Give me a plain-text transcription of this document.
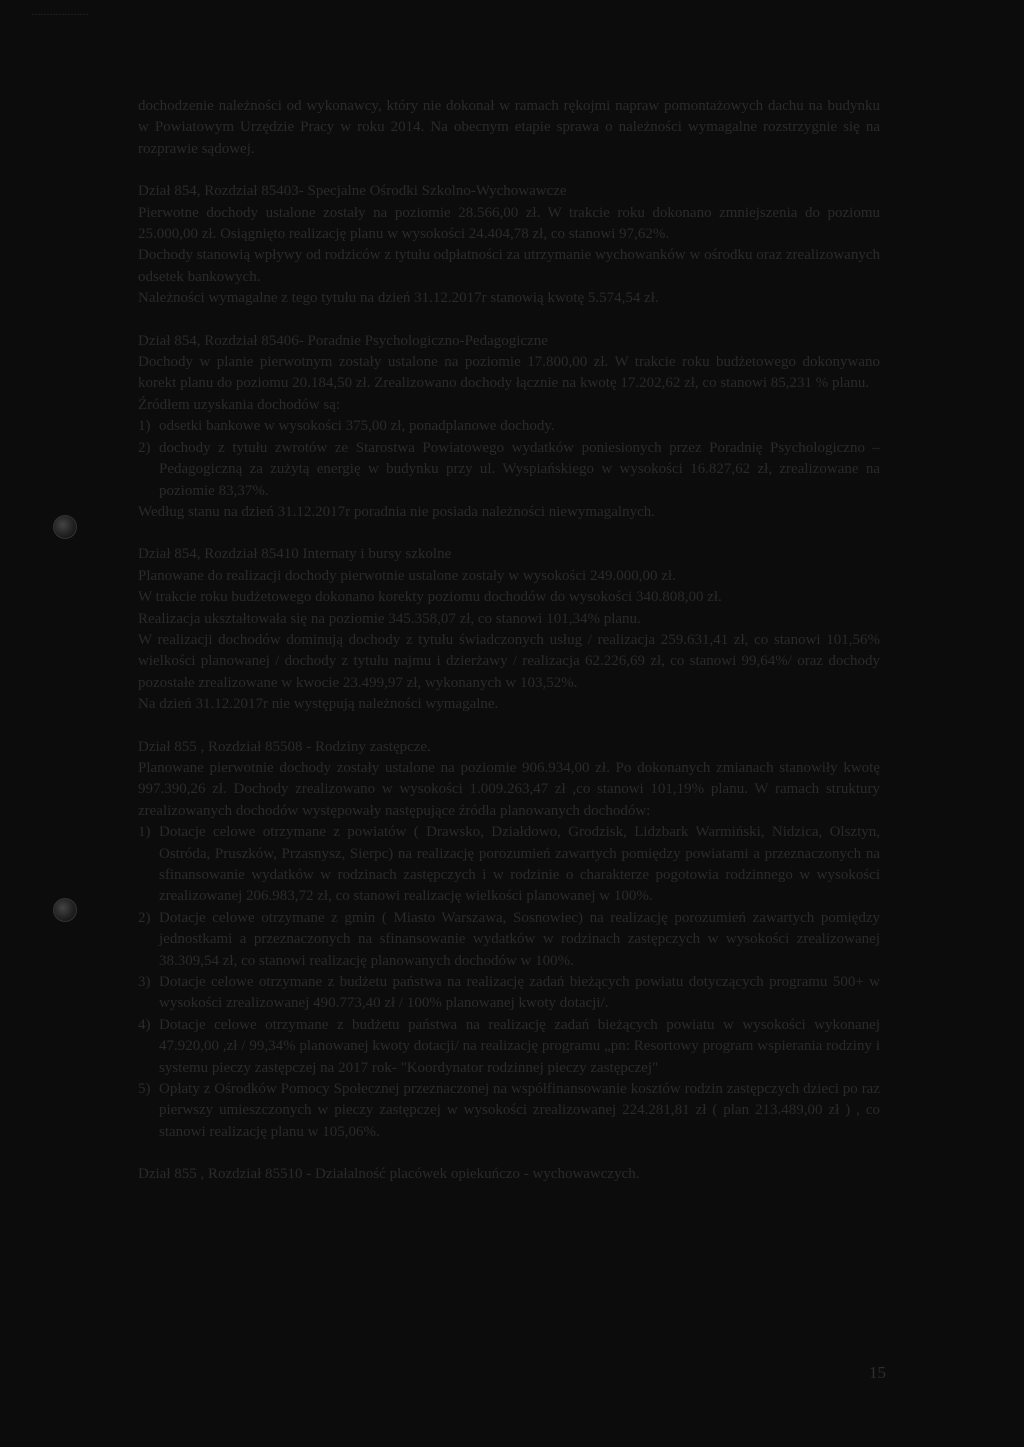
...................

dochodzenie należności od wykonawcy, który nie dokonał w ramach rękojmi napraw pomontażowych dachu na budynku w Powiatowym Urzędzie Pracy w roku 2014. Na obecnym etapie sprawa o należności wymagalne rozstrzygnie się na rozprawie sądowej.

Dział 854, Rozdział 85403- Specjalne Ośrodki Szkolno-Wychowawcze

Pierwotne dochody ustalone zostały na poziomie 28.566,00 zł. W trakcie roku dokonano zmniejszenia do poziomu 25.000,00 zł. Osiągnięto realizację planu w wysokości 24.404,78 zł, co stanowi 97,62%.

Dochody stanowią wpływy od rodziców z tytułu odpłatności za utrzymanie wychowanków w ośrodku oraz zrealizowanych odsetek bankowych.

Należności wymagalne z tego tytułu na dzień 31.12.2017r stanowią kwotę 5.574,54 zł.

Dział 854, Rozdział 85406- Poradnie Psychologiczno-Pedagogiczne

Dochody w planie pierwotnym zostały ustalone na poziomie 17.800,00 zł. W trakcie roku budżetowego dokonywano korekt planu do poziomu 20.184,50 zł. Zrealizowano dochody łącznie na kwotę 17.202,62 zł, co stanowi 85,231 % planu.

Źródłem uzyskania dochodów są:

1) odsetki bankowe w wysokości 375,00 zł, ponadplanowe dochody.
2) dochody z tytułu zwrotów ze Starostwa Powiatowego wydatków poniesionych przez Poradnię Psychologiczno – Pedagogiczną za zużytą energię w budynku przy ul. Wyspiańskiego w wysokości 16.827,62 zł, zrealizowane na poziomie 83,37%.

Według stanu na dzień 31.12.2017r poradnia nie posiada należności niewymagalnych.

Dział 854, Rozdział 85410 Internaty i bursy szkolne

Planowane do realizacji dochody pierwotnie ustalone zostały w wysokości 249.000,00 zł.

W trakcie roku budżetowego dokonano korekty poziomu dochodów do wysokości 340.808,00 zł.

Realizacja ukształtowała się na poziomie 345.358,07 zł, co stanowi 101,34% planu.

W realizacji dochodów dominują dochody z tytułu świadczonych usług / realizacja 259.631,41 zł, co stanowi 101,56% wielkości planowanej / dochody z tytułu najmu i dzierżawy / realizacja 62.226,69 zł, co stanowi 99,64%/ oraz dochody pozostałe zrealizowane w kwocie 23.499,97 zł, wykonanych w 103,52%.

Na dzień 31.12.2017r nie występują należności wymagalne.

Dział 855 , Rozdział 85508 - Rodziny zastępcze.

Planowane pierwotnie dochody zostały ustalone na poziomie 906.934,00 zł. Po dokonanych zmianach stanowiły kwotę 997.390,26 zł. Dochody zrealizowano w wysokości 1.009.263,47 zł ,co stanowi 101,19% planu. W ramach struktury zrealizowanych dochodów występowały następujące źródła planowanych dochodów:

1) Dotacje celowe otrzymane z powiatów ( Drawsko, Działdowo, Grodzisk, Lidzbark Warmiński, Nidzica, Olsztyn, Ostróda, Pruszków, Przasnysz, Sierpc) na realizację porozumień zawartych pomiędzy powiatami a przeznaczonych na sfinansowanie wydatków w rodzinach zastępczych i w rodzinie o charakterze pogotowia rodzinnego w wysokości zrealizowanej 206.983,72 zł, co stanowi realizację wielkości planowanej w 100%.
2) Dotacje celowe otrzymane z gmin ( Miasto Warszawa, Sosnowiec) na realizację porozumień zawartych pomiędzy jednostkami a przeznaczonych na sfinansowanie wydatków w rodzinach zastępczych w wysokości zrealizowanej 38.309,54 zł, co stanowi realizację planowanych dochodów w 100%.
3) Dotacje celowe otrzymane z budżetu państwa na realizację zadań bieżących powiatu dotyczących programu 500+ w wysokości zrealizowanej 490.773,40 zł / 100% planowanej kwoty dotacji/.
4) Dotacje celowe otrzymane z budżetu państwa na realizację zadań bieżących powiatu w wysokości wykonanej 47.920,00 ,zł / 99,34% planowanej kwoty dotacji/ na realizację programu „pn: Resortowy program wspierania rodziny i systemu pieczy zastępczej na 2017 rok- "Koordynator rodzinnej pieczy zastępczej"
5) Opłaty z Ośrodków Pomocy Społecznej przeznaczonej na współfinansowanie kosztów rodzin zastępczych dzieci po raz pierwszy umieszczonych w pieczy zastępczej w wysokości zrealizowanej 224.281,81 zł ( plan 213.489,00 zł ) , co stanowi realizację planu w 105,06%.

Dział 855 , Rozdział 85510 - Działalność placówek opiekuńczo - wychowawczych.

15
